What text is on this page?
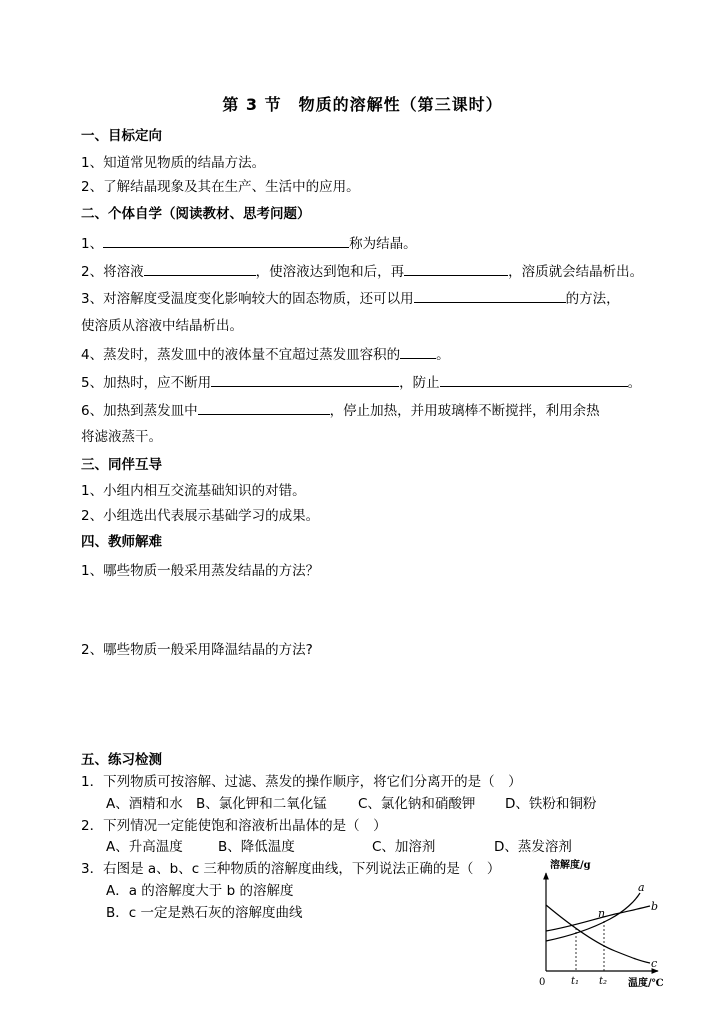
第 3 节　物质的溶解性（第三课时）
一、目标定向
1、知道常见物质的结晶方法。
2、了解结晶现象及其在生产、生活中的应用。
二、个体自学（阅读教材、思考问题）
1、	称为结晶。
2、将溶液	，使溶液达到饱和后，再	，溶质就会结晶析出。
3、对溶解度受温度变化影响较大的固态物质，还可以用	的方法，
使溶质从溶液中结晶析出。
4、蒸发时，蒸发皿中的液体量不宜超过蒸发皿容积的	。
5、加热时，应不断用	，防止	。
6、加热到蒸发皿中	，停止加热，并用玻璃棒不断搅拌，利用余热
将滤液蒸干。
三、同伴互导
1、小组内相互交流基础知识的对错。
2、小组选出代表展示基础学习的成果。
四、教师解难
1、哪些物质一般采用蒸发结晶的方法？
2、哪些物质一般采用降温结晶的方法?
五、练习检测
1．下列物质可按溶解、过滤、蒸发的操作顺序，将它们分离开的是（　）
A、酒精和水 B、氯化钾和二氧化锰 C、氯化钠和硝酸钾 D、铁粉和铜粉
2．下列情况一定能使饱和溶液析出晶体的是（　）
A、升高温度	B、降低温度	C、加溶剂	D、蒸发溶剂
3．右图是 a、b、c 三种物质的溶解度曲线，下列说法正确的是（　）
A．a 的溶解度大于 b 的溶解度
B．c 一定是熟石灰的溶解度曲线
溶解度/g
温度/℃
0	t₁ t₂
a
b
c
n
